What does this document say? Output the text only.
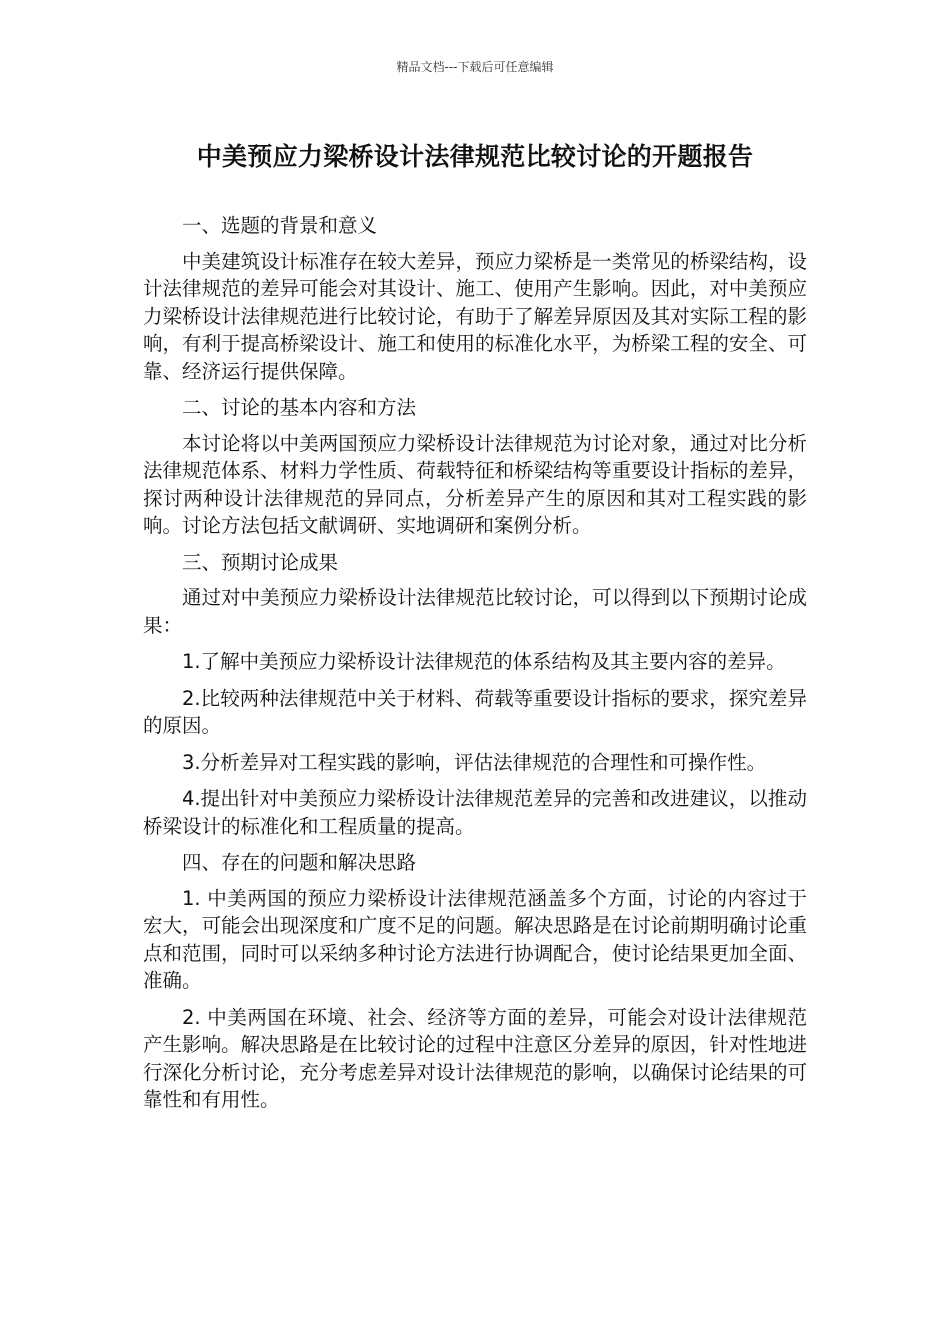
精品文档---下载后可任意编辑
中美预应力梁桥设计法律规范比较讨论的开题报告

一、选题的背景和意义

中美建筑设计标准存在较大差异，预应力梁桥是一类常见的桥梁结构，设计法律规范的差异可能会对其设计、施工、使用产生影响。因此，对中美预应力梁桥设计法律规范进行比较讨论，有助于了解差异原因及其对实际工程的影响，有利于提高桥梁设计、施工和使用的标准化水平，为桥梁工程的安全、可靠、经济运行提供保障。

二、讨论的基本内容和方法

本讨论将以中美两国预应力梁桥设计法律规范为讨论对象，通过对比分析法律规范体系、材料力学性质、荷载特征和桥梁结构等重要设计指标的差异，探讨两种设计法律规范的异同点，分析差异产生的原因和其对工程实践的影响。讨论方法包括文献调研、实地调研和案例分析。

三、预期讨论成果

通过对中美预应力梁桥设计法律规范比较讨论，可以得到以下预期讨论成果：

1.了解中美预应力梁桥设计法律规范的体系结构及其主要内容的差异。

2.比较两种法律规范中关于材料、荷载等重要设计指标的要求，探究差异的原因。

3.分析差异对工程实践的影响，评估法律规范的合理性和可操作性。

4.提出针对中美预应力梁桥设计法律规范差异的完善和改进建议，以推动桥梁设计的标准化和工程质量的提高。

四、存在的问题和解决思路

1. 中美两国的预应力梁桥设计法律规范涵盖多个方面，讨论的内容过于宏大，可能会出现深度和广度不足的问题。解决思路是在讨论前期明确讨论重点和范围，同时可以采纳多种讨论方法进行协调配合，使讨论结果更加全面、准确。

2. 中美两国在环境、社会、经济等方面的差异，可能会对设计法律规范产生影响。解决思路是在比较讨论的过程中注意区分差异的原因，针对性地进行深化分析讨论，充分考虑差异对设计法律规范的影响，以确保讨论结果的可靠性和有用性。
